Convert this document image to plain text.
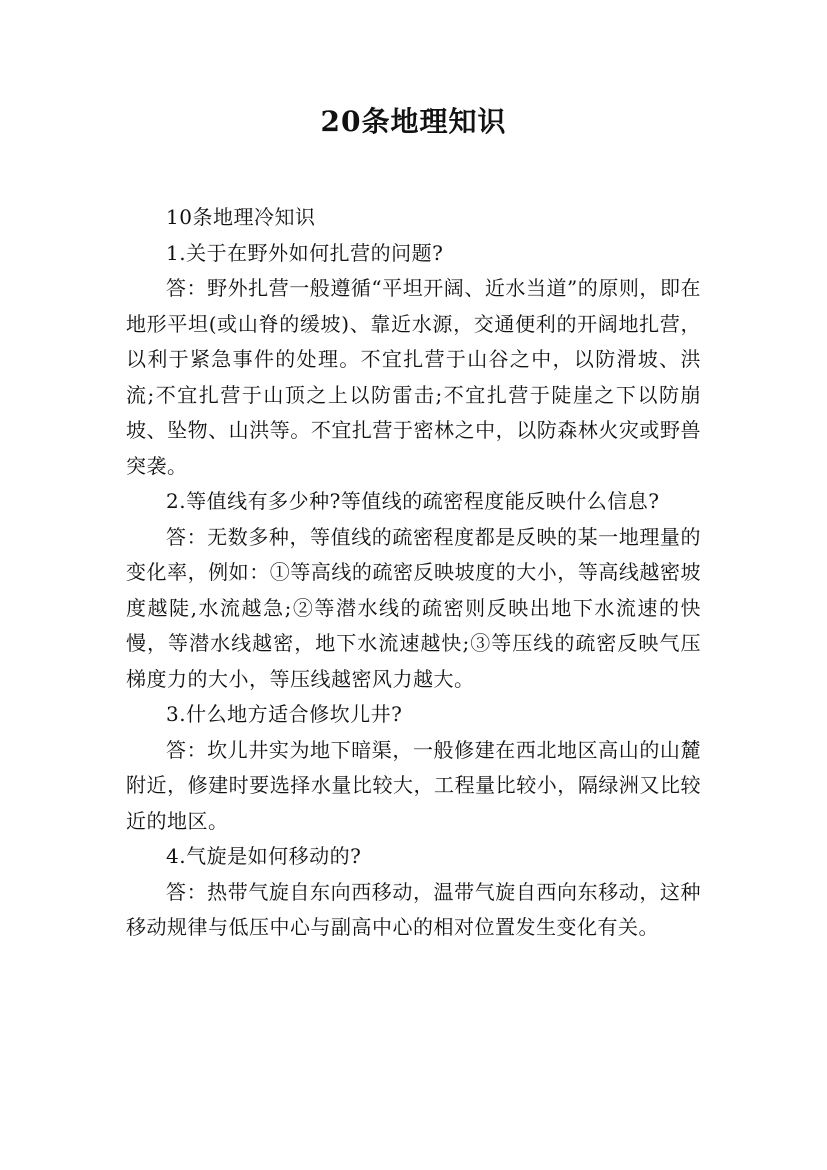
20条地理知识

10条地理冷知识

1.关于在野外如何扎营的问题?

答：野外扎营一般遵循“平坦开阔、近水当道”的原则，即在地形平坦(或山脊的缓坡)、靠近水源，交通便利的开阔地扎营，以利于紧急事件的处理。不宜扎营于山谷之中，以防滑坡、洪流;不宜扎营于山顶之上以防雷击;不宜扎营于陡崖之下以防崩坡、坠物、山洪等。不宜扎营于密林之中，以防森林火灾或野兽突袭。

2.等值线有多少种?等值线的疏密程度能反映什么信息?

答：无数多种，等值线的疏密程度都是反映的某一地理量的变化率，例如：①等高线的疏密反映坡度的大小，等高线越密坡度越陡,水流越急;②等潜水线的疏密则反映出地下水流速的快慢，等潜水线越密，地下水流速越快;③等压线的疏密反映气压梯度力的大小，等压线越密风力越大。

3.什么地方适合修坎儿井?

答：坎儿井实为地下暗渠，一般修建在西北地区高山的山麓附近，修建时要选择水量比较大，工程量比较小，隔绿洲又比较近的地区。

4.气旋是如何移动的?

答：热带气旋自东向西移动，温带气旋自西向东移动，这种移动规律与低压中心与副高中心的相对位置发生变化有关。
